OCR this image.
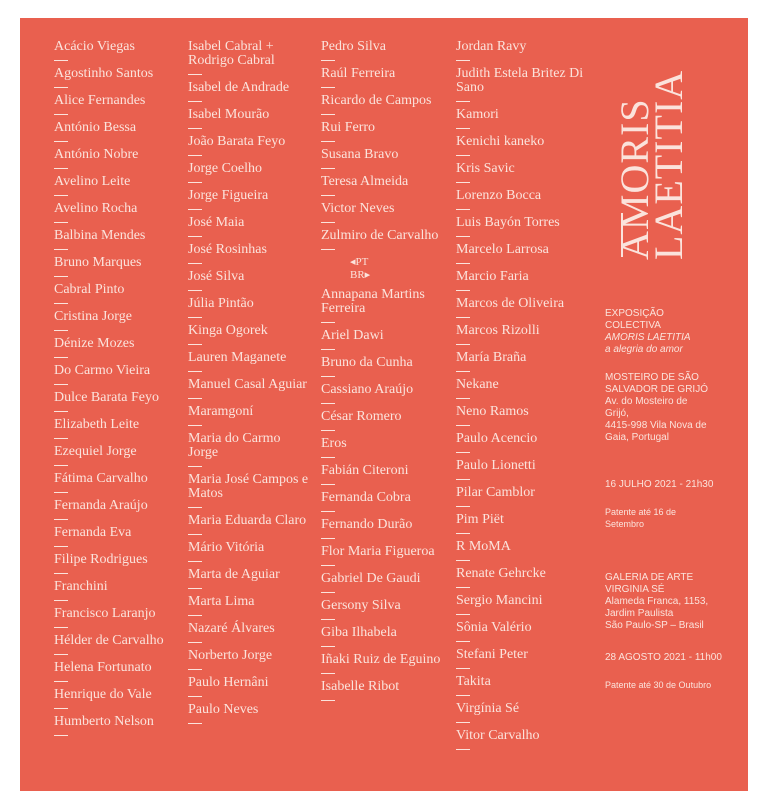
Acácio Viegas
Agostinho Santos
Alice Fernandes
António Bessa
António Nobre
Avelino Leite
Avelino Rocha
Balbina Mendes
Bruno Marques
Cabral Pinto
Cristina Jorge
Dénize Mozes
Do Carmo Vieira
Dulce Barata Feyo
Elizabeth Leite
Ezequiel Jorge
Fátima Carvalho
Fernanda Araújo
Fernanda Eva
Filipe Rodrigues
Franchini
Francisco Laranjo
Hélder de Carvalho
Helena Fortunato
Henrique do Vale
Humberto Nelson
Isabel Cabral + Rodrigo Cabral
Isabel de Andrade
Isabel Mourão
João Barata Feyo
Jorge Coelho
Jorge Figueira
José Maia
José Rosinhas
José Silva
Júlia Pintão
Kinga Ogorek
Lauren Maganete
Manuel Casal Aguiar
Maramgoní
Maria do Carmo Jorge
Maria José Campos e Matos
Maria Eduarda Claro
Mário Vitória
Marta de Aguiar
Marta Lima
Nazaré Álvares
Norberto Jorge
Paulo Hernâni
Paulo Neves
Pedro Silva
Raúl Ferreira
Ricardo de Campos
Rui Ferro
Susana Bravo
Teresa Almeida
Victor Neves
Zulmiro de Carvalho
◂PT
BR▸
Annapana Martins Ferreira
Ariel Dawi
Bruno da Cunha
Cassiano Araújo
César Romero
Eros
Fabián Citeroni
Fernanda Cobra
Fernando Durão
Flor Maria Figueroa
Gabriel De Gaudi
Gersony Silva
Giba Ilhabela
Iñaki Ruiz de Eguino
Isabelle Ribot
Jordan Ravy
Judith Estela Britez Di Sano
Kamori
Kenichi kaneko
Kris Savic
Lorenzo Bocca
Luis Bayón Torres
Marcelo Larrosa
Marcio Faria
Marcos de Oliveira
Marcos Rizolli
María Braña
Nekane
Neno Ramos
Paulo Acencio
Paulo Lionetti
Pilar Camblor
Pim Piët
R MoMA
Renate Gehrcke
Sergio Mancini
Sônia Valério
Stefani Peter
Takita
Virgínia Sé
Vitor Carvalho
AMORIS
LAETITIA
EXPOSIÇÃO
COLECTIVA
AMORIS LAETITIA
a alegria do amor
MOSTEIRO DE SÃO
SALVADOR DE GRIJÓ
Av. do Mosteiro de
Grijó,
4415-998 Vila Nova de
Gaia, Portugal
16 JULHO 2021 - 21h30
Patente até 16 de
Setembro
GALERIA DE ARTE
VIRGINIA SÉ
Alameda Franca, 1153,
Jardim Paulista
São Paulo-SP – Brasil
28 AGOSTO 2021 - 11h00
Patente até 30 de Outubro
